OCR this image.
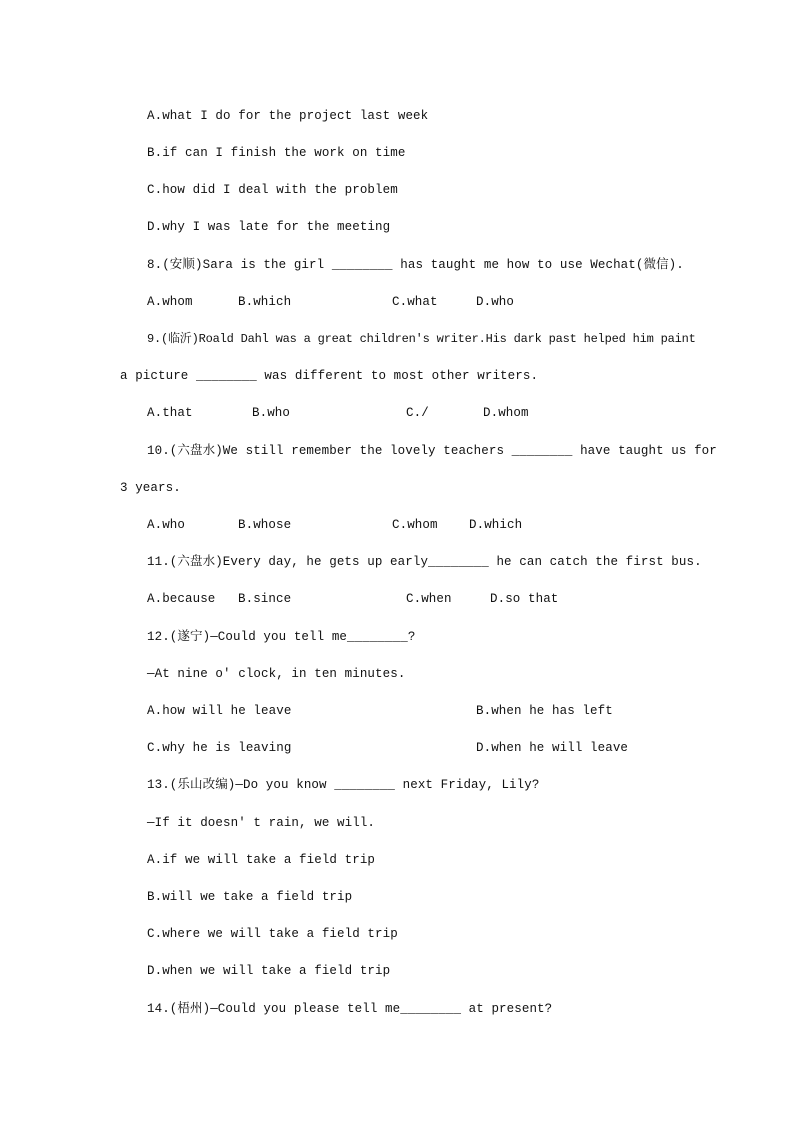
A.what I do for the project last week
B.if can I finish the work on time
C.how did I deal with the problem
D.why I was late for the meeting
8.(安顺)Sara is the girl ________ has taught me how to use Wechat(微信).
A.whom	B.which	C.what	D.who
9.(临沂)Roald Dahl was a great children's writer.His dark past helped him paint
a picture ________ was different to most other writers.
A.that	B.who	C./	D.whom
10.(六盘水)We still remember the lovely teachers ________ have taught us for
3 years.
A.who	B.whose	C.whom	D.which
11.(六盘水)Every day, he gets up early________ he can catch the first bus.
A.because B.since	C.when	D.so that
12.(遂宁)—Could you tell me________?
—At nine o' clock, in ten minutes.
A.how will he leave	B.when he has left
C.why he is leaving	D.when he will leave
13.(乐山改编)—Do you know ________ next Friday, Lily?
—If it doesn' t rain, we will.
A.if we will take a field trip
B.will we take a field trip
C.where we will take a field trip
D.when we will take a field trip
14.(梧州)—Could you please tell me________ at present?
